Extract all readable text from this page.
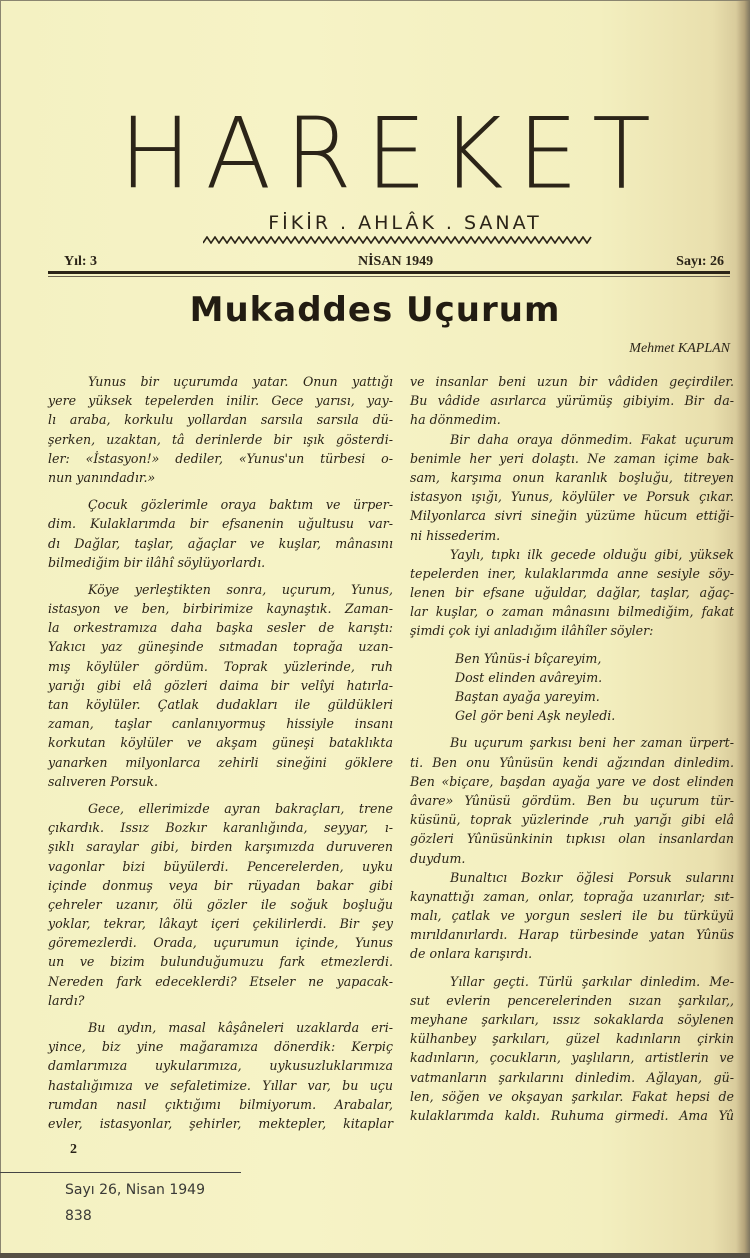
HAREKET
FİKİR . AHLÂK . SANAT
Yıl: 3	NİSAN 1949	Sayı: 26
Mukaddes Uçurum
Mehmet KAPLAN
Yunus bir uçurumda yatar. Onun yattığı
yere yüksek tepelerden inilir. Gece yarısı, yay-
lı araba, korkulu yollardan sarsıla sarsıla dü-
şerken, uzaktan, tâ derinlerde bir ışık gösterdi-
ler: «İstasyon!» dediler, «Yunus'un türbesi o-
nun yanındadır.»
Çocuk gözlerimle oraya baktım ve ürper-
dim. Kulaklarımda bir efsanenin uğultusu var-
dı Dağlar, taşlar, ağaçlar ve kuşlar, mânasını
bilmediğim bir ilâhî söylüyorlardı.
Köye yerleştikten sonra, uçurum, Yunus,
istasyon ve ben, birbirimize kaynaştık. Zaman-
la orkestramıza daha başka sesler de karıştı:
Yakıcı yaz güneşinde sıtmadan toprağa uzan-
mış köylüler gördüm. Toprak yüzlerinde, ruh
yarığı gibi elâ gözleri daima bir velîyi hatırla-
tan köylüler. Çatlak dudakları ile güldükleri
zaman, taşlar canlanıyormuş hissiyle insanı
korkutan köylüler ve akşam güneşi bataklıkta
yanarken milyonlarca zehirli sineğini göklere
salıveren Porsuk.
Gece, ellerimizde ayran bakraçları, trene
çıkardık. Issız Bozkır karanlığında, seyyar, ı-
şıklı saraylar gibi, birden karşımızda duruveren
vagonlar bizi büyülerdi. Pencerelerden, uyku
içinde donmuş veya bir rüyadan bakar gibi
çehreler uzanır, ölü gözler ile soğuk boşluğu
yoklar, tekrar, lâkayt içeri çekilirlerdi. Bir şey
göremezlerdi. Orada, uçurumun içinde, Yunus
un ve bizim bulunduğumuzu fark etmezlerdi.
Nereden fark edeceklerdi? Etseler ne yapacak-
lardı?
Bu aydın, masal kâşâneleri uzaklarda eri-
yince, biz yine mağaramıza dönerdik: Kerpiç
damlarımıza uykularımıza, uykusuzluklarımıza
hastalığımıza ve sefaletimize. Yıllar var, bu uçu
rumdan nasıl çıktığımı bilmiyorum. Arabalar,
evler, istasyonlar, şehirler, mektepler, kitaplar
ve insanlar beni uzun bir vâdiden geçirdiler.
Bu vâdide asırlarca yürümüş gibiyim. Bir da-
ha dönmedim.
Bir daha oraya dönmedim. Fakat uçurum
benimle her yeri dolaştı. Ne zaman içime bak-
sam, karşıma onun karanlık boşluğu, titreyen
istasyon ışığı, Yunus, köylüler ve Porsuk çıkar.
Milyonlarca sivri sineğin yüzüme hücum ettiği-
ni hissederim.
Yaylı, tıpkı ilk gecede olduğu gibi, yüksek
tepelerden iner, kulaklarımda anne sesiyle söy-
lenen bir efsane uğuldar, dağlar, taşlar, ağaç-
lar kuşlar, o zaman mânasını bilmediğim, fakat
şimdi çok iyi anladığım ilâhîler söyler:
Ben Yûnüs-i bîçareyim,
Dost elinden avâreyim.
Baştan ayağa yareyim.
Gel gör beni Aşk neyledi.
Bu uçurum şarkısı beni her zaman ürpert-
ti. Ben onu Yûnüsün kendi ağzından dinledim.
Ben «biçare, başdan ayağa yare ve dost elinden
âvare» Yûnüsü gördüm. Ben bu uçurum tür-
küsünü, toprak yüzlerinde ,ruh yarığı gibi elâ
gözleri Yûnüsünkinin tıpkısı olan insanlardan
duydum.
Bunaltıcı Bozkır öğlesi Porsuk sularını
kaynattığı zaman, onlar, toprağa uzanırlar; sıt-
malı, çatlak ve yorgun sesleri ile bu türküyü
mırıldanırlardı. Harap türbesinde yatan Yûnüs
de onlara karışırdı.
Yıllar geçti. Türlü şarkılar dinledim. Me-
sut evlerin pencerelerinden sızan şarkılar,,
meyhane şarkıları, ıssız sokaklarda söylenen
külhanbey şarkıları, güzel kadınların çirkin
kadınların, çocukların, yaşlıların, artistlerin ve
vatmanların şarkılarını dinledim. Ağlayan, gü-
len, söğen ve okşayan şarkılar. Fakat hepsi de
kulaklarımda kaldı. Ruhuma girmedi. Ama Yû
2
Sayı 26, Nisan 1949
838
